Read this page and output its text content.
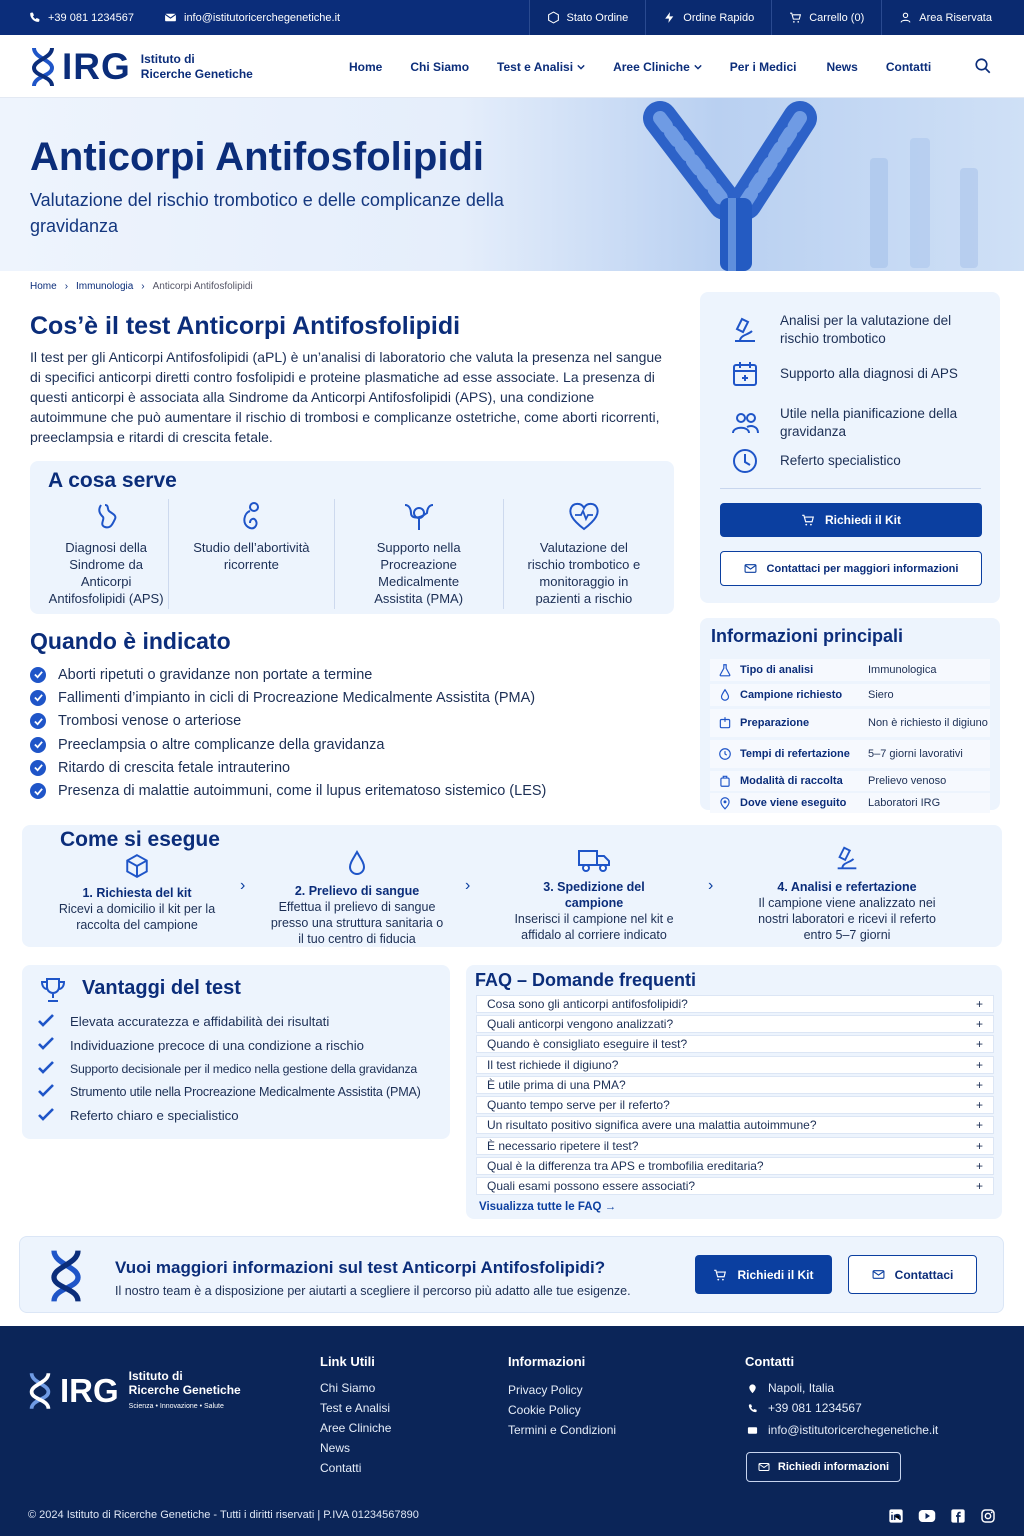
+39 081 1234567	info@istitutoricerchegenetiche.it	Stato Ordine	Ordine Rapido	Carrello (0)	Area Riservata
IRG Istituto di
Ricerche Genetiche
Home Chi Siamo Test e Analisi	Aree Cliniche	Per i Medici	News Contatti
Anticorpi Antifosfolipidi

Valutazione del rischio trombotico e delle complicanze della gravidanza

Home › Immunologia › Anticorpi Antifosfolipidi
Cos’è il test Anticorpi Antifosfolipidi

Il test per gli Anticorpi Antifosfolipidi (aPL) è un’analisi di laboratorio che valuta la presenza nel sangue di specifici anticorpi diretti contro fosfolipidi e proteine plasmatiche ad esse associate. La presenza di questi anticorpi è associata alla Sindrome da Anticorpi Antifosfolipidi (APS), una condizione autoimmune che può aumentare il rischio di trombosi e complicanze ostetriche, come aborti ricorrenti, preeclampsia e ritardi di crescita fetale.

A cosa serve
Diagnosi della Sindrome da Anticorpi Antifosfolipidi (APS)
Studio dell’abortività ricorrente
Supporto nella Procreazione Medicalmente Assistita (PMA)
Valutazione del rischio trombotico e monitoraggio in pazienti a rischio
Quando è indicato
Aborti ripetuti o gravidanze non portate a termine
Fallimenti d’impianto in cicli di Procreazione Medicalmente Assistita (PMA)
Trombosi venose o arteriose
Preeclampsia o altre complicanze della gravidanza
Ritardo di crescita fetale intrauterino
Presenza di malattie autoimmuni, come il lupus eritematoso sistemico (LES)
Analisi per la valutazione del rischio trombotico
Supporto alla diagnosi di APS
Utile nella pianificazione della gravidanza
Referto specialistico
Richiedi il Kit
Contattaci per maggiori informazioni
Informazioni principali
Tipo di analisi	Immunologica
Campione richiesto	Siero
Preparazione	Non è richiesto il digiuno
Tempi di refertazione	5–7 giorni lavorativi
Modalità di raccolta	Prelievo venoso
Dove viene eseguito	Laboratori IRG
Come si esegue
1. Richiesta del kit
Ricevi a domicilio il kit per la raccolta del campione
›	2. Prelievo di sangue
Effettua il prelievo di sangue presso una struttura sanitaria o il tuo centro di fiducia
›	3. Spedizione del campione
Inserisci il campione nel kit e affidalo al corriere indicato
›	4. Analisi e refertazione
Il campione viene analizzato nei nostri laboratori e ricevi il referto entro 5–7 giorni
Vantaggi del test
Elevata accuratezza e affidabilità dei risultati
Individuazione precoce di una condizione a rischio
Supporto decisionale per il medico nella gestione della gravidanza
Strumento utile nella Procreazione Medicalmente Assistita (PMA)
Referto chiaro e specialistico
FAQ – Domande frequenti
Cosa sono gli anticorpi antifosfolipidi?	+
Quali anticorpi vengono analizzati?	+
Quando è consigliato eseguire il test?	+
Il test richiede il digiuno?	+
È utile prima di una PMA?	+
Quanto tempo serve per il referto?	+
Un risultato positivo significa avere una malattia autoimmune?	+
È necessario ripetere il test?	+
Qual è la differenza tra APS e trombofilia ereditaria?	+
Quali esami possono essere associati?	+
Visualizza tutte le FAQ →
Vuoi maggiori informazioni sul test Anticorpi Antifosfolipidi?

Il nostro team è a disposizione per aiutarti a scegliere il percorso più adatto alle tue esigenze.

Richiedi il Kit	Contattaci
IRG Istituto di
Ricerche Genetiche
Scienza • Innovazione • Salute
Link Utili
Chi Siamo
Test e Analisi
Aree Cliniche
News
Contatti
Informazioni
Privacy Policy
Cookie Policy
Termini e Condizioni
Contatti
Napoli, Italia
+39 081 1234567
info@istitutoricerchegenetiche.it
Richiedi informazioni
© 2024 Istituto di Ricerche Genetiche - Tutti i diritti riservati | P.IVA 01234567890
